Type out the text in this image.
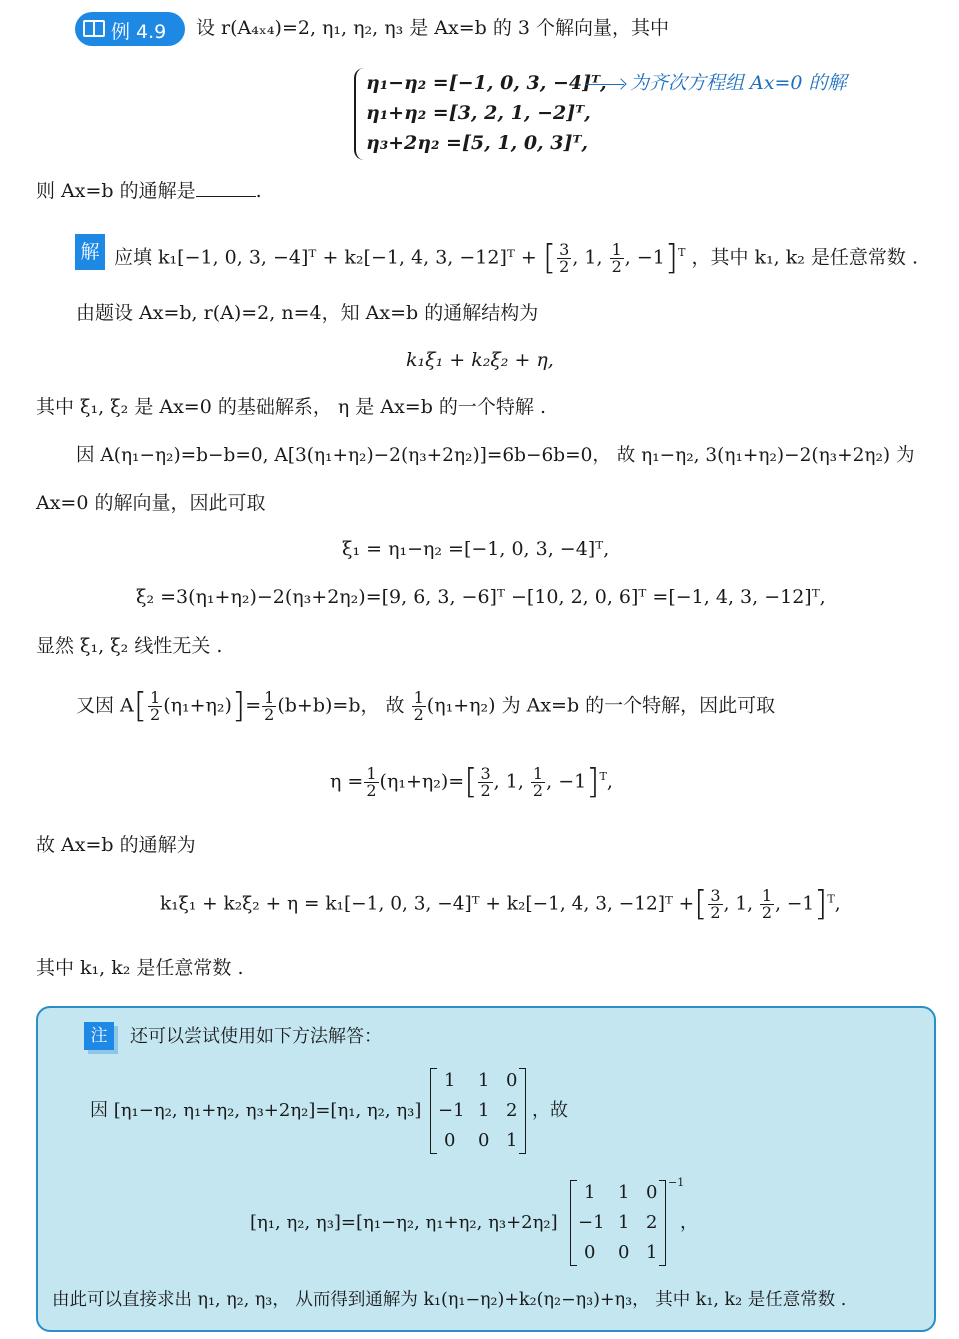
例 4.9 设 r(A₄ₓ₄)=2, η₁, η₂, η₃ 是 Ax=b 的 3 个解向量，其中
η₁−η₂ =[−1, 0, 3, −4]ᵀ,	为齐次方程组 Ax=0 的解
η₁+η₂ =[3, 2, 1, −2]ᵀ,
η₃+2η₂ =[5, 1, 0, 3]ᵀ,
则 Ax=b 的通解是	.
解 应填 k₁[−1, 0, 3, −4]ᵀ + k₂[−1, 4, 3, −12]ᵀ + [ $\frac{3}{2}$ , 1, $\frac{1}{2}$ , −1]$^T$ ，其中 k₁, k₂ 是任意常数 .
由题设 Ax=b, r(A)=2, n=4，知 Ax=b 的通解结构为
k₁ξ₁ + k₂ξ₂ + η,
其中 ξ₁, ξ₂ 是 Ax=0 的基础解系， η 是 Ax=b 的一个特解 .
因 A(η₁−η₂)=b−b=0, A[3(η₁+η₂)−2(η₃+2η₂)]=6b−6b=0， 故 η₁−η₂, 3(η₁+η₂)−2(η₃+2η₂) 为
Ax=0 的解向量，因此可取
ξ₁ = η₁−η₂ =[−1, 0, 3, −4]ᵀ,
ξ₂ =3(η₁+η₂)−2(η₃+2η₂)=[9, 6, 3, −6]ᵀ −[10, 2, 0, 6]ᵀ =[−1, 4, 3, −12]ᵀ,
显然 ξ₁, ξ₂ 线性无关 .
又因 $A[ \frac{1}{2} (\eta_1+\eta_2)]= \frac{1}{2} (b+b)=b$， 故 $\frac{1}{2} (\eta_1+\eta_2)$ 为 Ax=b 的一个特解，因此可取
$\eta = \frac{1}{2} (\eta_1+\eta_2)=[ \frac{3}{2}$ , 1, $\frac{1}{2}$ , −1]$^T$,
故 Ax=b 的通解为
k₁ξ₁ + k₂ξ₂ + η = k₁[−1, 0, 3, −4]ᵀ + k₂[−1, 4, 3, −12]ᵀ +[ $\frac{3}{2}$ , 1, $\frac{1}{2}$ , −1]$^T$,
其中 k₁, k₂ 是任意常数 .
注	还可以尝试使用如下方法解答：
因 [η₁−η₂, η₁+η₂, η₃+2η₂]=[η₁, η₂, η₃]
1 1 0
−1 1 2
0 0 1
，故
[η₁, η₂, η₃]=[η₁−η₂, η₁+η₂, η₃+2η₂]
1 1 0
−1 1 2
0 0 1
−1
，
由此可以直接求出 η₁, η₂, η₃， 从而得到通解为 k₁(η₁−η₂)+k₂(η₂−η₃)+η₃， 其中 k₁, k₂ 是任意常数 .
